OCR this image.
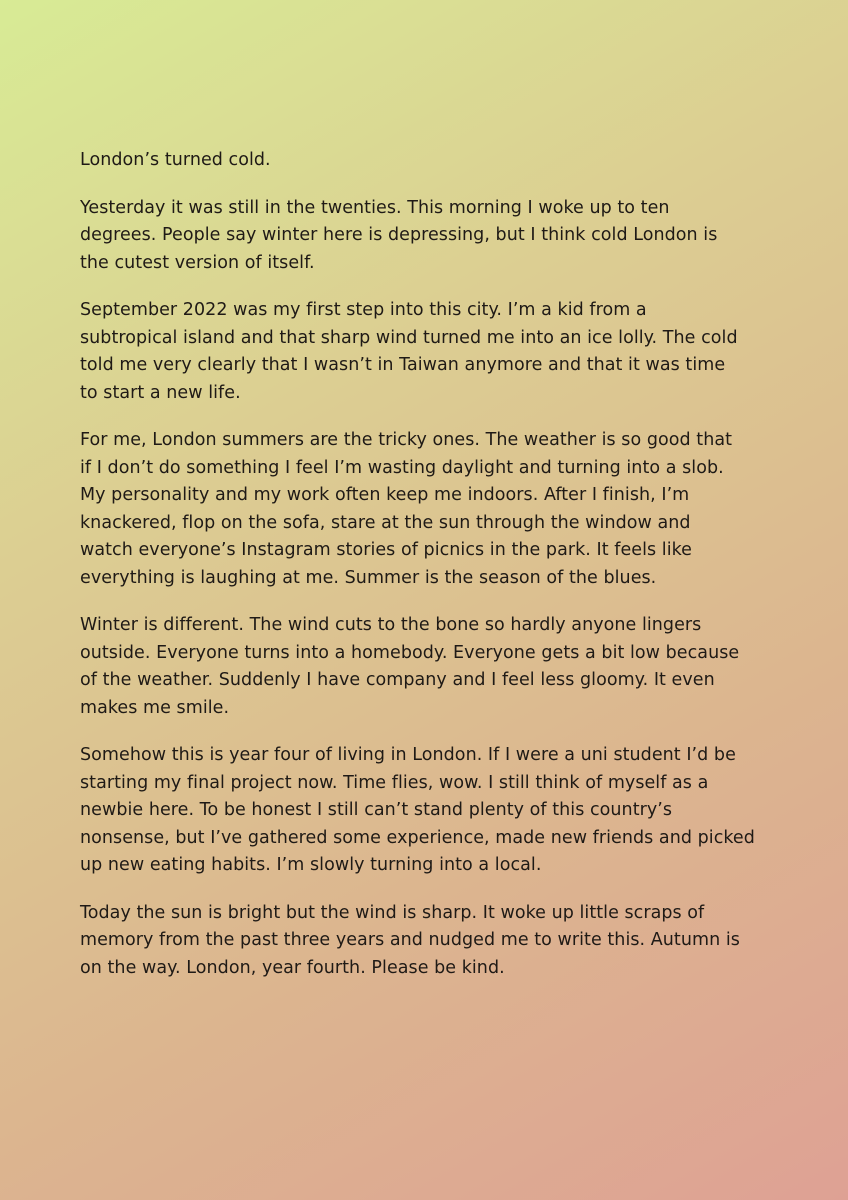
London’s turned cold.

Yesterday it was still in the twenties. This morning I woke up to ten
degrees. People say winter here is depressing, but I think cold London is
the cutest version of itself.

September 2022 was my first step into this city. I’m a kid from a
subtropical island and that sharp wind turned me into an ice lolly. The cold
told me very clearly that I wasn’t in Taiwan anymore and that it was time
to start a new life.

For me, London summers are the tricky ones. The weather is so good that
if I don’t do something I feel I’m wasting daylight and turning into a slob.
My personality and my work often keep me indoors. After I finish, I’m
knackered, flop on the sofa, stare at the sun through the window and
watch everyone’s Instagram stories of picnics in the park. It feels like
everything is laughing at me. Summer is the season of the blues.

Winter is different. The wind cuts to the bone so hardly anyone lingers
outside. Everyone turns into a homebody. Everyone gets a bit low because
of the weather. Suddenly I have company and I feel less gloomy. It even
makes me smile.

Somehow this is year four of living in London. If I were a uni student I’d be
starting my final project now. Time flies, wow. I still think of myself as a
newbie here. To be honest I still can’t stand plenty of this country’s
nonsense, but I’ve gathered some experience, made new friends and picked
up new eating habits. I’m slowly turning into a local.

Today the sun is bright but the wind is sharp. It woke up little scraps of
memory from the past three years and nudged me to write this. Autumn is
on the way. London, year fourth. Please be kind.
